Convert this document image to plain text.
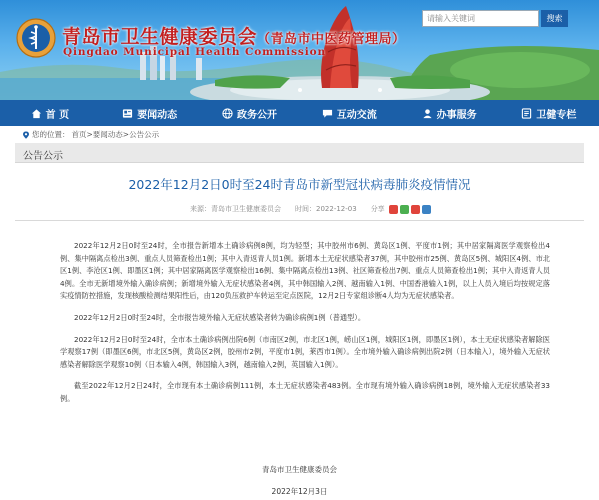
青岛市卫生健康委员会（青岛市中医药管理局）
Qingdao Municipal Health Commission
请输入关键词
搜索
首 页	要闻动态	政务公开	互动交流	办事服务	卫健专栏
您的位置： 首页>要闻动态>公告公示
公告公示
2022年12月2日0时至24时青岛市新型冠状病毒肺炎疫情情况
来源：青岛市卫生健康委员会 时间：2022-12-03 分享

2022年12月2日0时至24时，全市报告新增本土确诊病例8例，均为轻型；其中胶州市6例、黄岛区1例、平度市1例；其中居家隔离医学观察检出4例、集中隔离点检出3例、重点人员筛查检出1例；其中入青返青人员1例。新增本土无症状感染者37例，其中胶州市25例、黄岛区5例、城阳区4例、市北区1例、李沧区1例、即墨区1例；其中居家隔离医学观察检出16例、集中隔离点检出13例、社区筛查检出7例、重点人员筛查检出1例；其中入青返青人员4例。全市无新增境外输入确诊病例；新增境外输入无症状感染者4例，其中韩国输入2例、越南输入1例、中国香港输入1例，以上人员入境后均按规定落实疫情防控措施，发现核酸检测结果阳性后，由120负压救护车转运至定点医院，12月2日专家组诊断4人均为无症状感染者。

2022年12月2日0时至24时，全市报告境外输入无症状感染者转为确诊病例1例（普通型）。

2022年12月2日0时至24时，全市本土确诊病例出院6例（市南区2例，市北区1例，崂山区1例，城阳区1例，即墨区1例），本土无症状感染者解除医学观察17例（即墨区6例，市北区5例，黄岛区2例，胶州市2例，平度市1例，莱西市1例）。全市境外输入确诊病例出院2例（日本输入），境外输入无症状感染者解除医学观察10例（日本输入4例，韩国输入3例，越南输入2例，英国输入1例）。

截至2022年12月2日24时，全市现有本土确诊病例111例，本土无症状感染者483例。全市现有境外输入确诊病例18例，境外输入无症状感染者33例。

青岛市卫生健康委员会
2022年12月3日
